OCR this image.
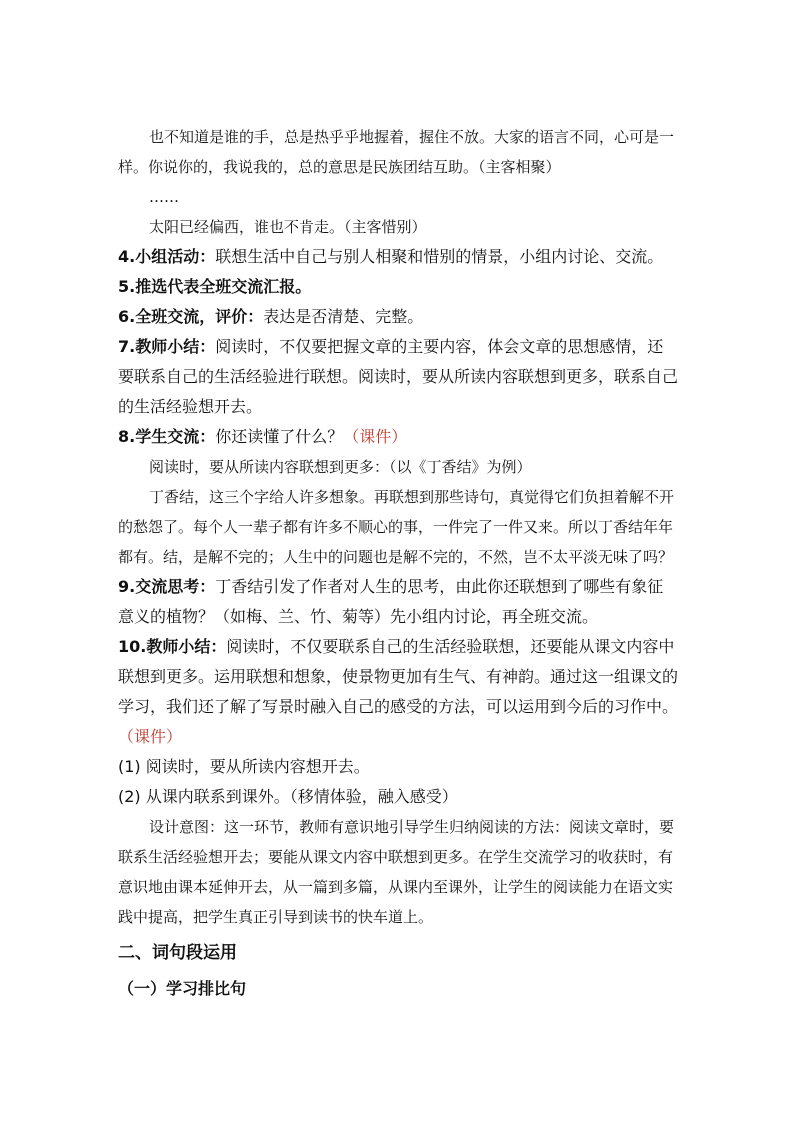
也不知道是谁的手，总是热乎乎地握着，握住不放。大家的语言不同，心可是一样。你说你的，我说我的，总的意思是民族团结互助。（主客相聚）

……

太阳已经偏西，谁也不肯走。（主客惜别）

4.小组活动：联想生活中自己与别人相聚和惜别的情景，小组内讨论、交流。

5.推选代表全班交流汇报。

6.全班交流，评价：表达是否清楚、完整。

7.教师小结：阅读时，不仅要把握文章的主要内容，体会文章的思想感情，还要联系自己的生活经验进行联想。阅读时，要从所读内容联想到更多，联系自己的生活经验想开去。

8.学生交流：你还读懂了什么？（课件）

阅读时，要从所读内容联想到更多：（以《丁香结》为例）

丁香结，这三个字给人许多想象。再联想到那些诗句，真觉得它们负担着解不开的愁怨了。每个人一辈子都有许多不顺心的事，一件完了一件又来。所以丁香结年年都有。结，是解不完的；人生中的问题也是解不完的，不然，岂不太平淡无味了吗？

9.交流思考：丁香结引发了作者对人生的思考，由此你还联想到了哪些有象征意义的植物？（如梅、兰、竹、菊等）先小组内讨论，再全班交流。

10.教师小结：阅读时，不仅要联系自己的生活经验联想，还要能从课文内容中联想到更多。运用联想和想象，使景物更加有生气、有神韵。通过这一组课文的学习，我们还了解了写景时融入自己的感受的方法，可以运用到今后的习作中。（课件）

(1) 阅读时，要从所读内容想开去。

(2) 从课内联系到课外。（移情体验，融入感受）

设计意图：这一环节，教师有意识地引导学生归纳阅读的方法：阅读文章时，要联系生活经验想开去；要能从课文内容中联想到更多。在学生交流学习的收获时，有意识地由课本延伸开去，从一篇到多篇，从课内至课外，让学生的阅读能力在语文实践中提高，把学生真正引导到读书的快车道上。

二、词句段运用
（一）学习排比句
